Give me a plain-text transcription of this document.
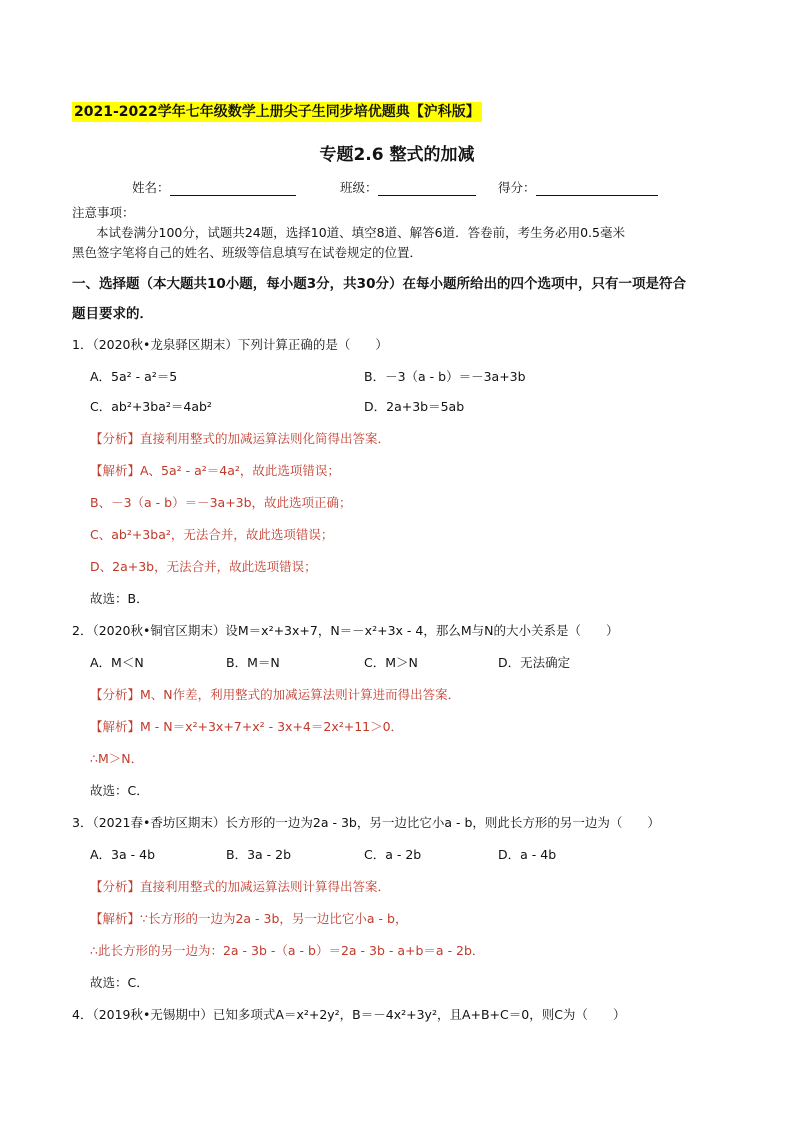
2021-2022学年七年级数学上册尖子生同步培优题典【沪科版】
专题2.6 整式的加减
姓名：	班级：	得分：
注意事项：
本试卷满分100分，试题共24题，选择10道、填空8道、解答6道．答卷前，考生务必用0.5毫米
黑色签字笔将自己的姓名、班级等信息填写在试卷规定的位置．
一、选择题（本大题共10小题，每小题3分，共30分）在每小题所给出的四个选项中，只有一项是符合
题目要求的．
1．（2020秋•龙泉驿区期末）下列计算正确的是（　　）
A．5a² - a²＝5	B．－3（a - b）＝－3a+3b
C．ab²+3ba²＝4ab²	D．2a+3b＝5ab
【分析】直接利用整式的加减运算法则化简得出答案．
【解析】A、5a² - a²＝4a²，故此选项错误；
B、－3（a - b）＝－3a+3b，故此选项正确；
C、ab²+3ba²，无法合并，故此选项错误；
D、2a+3b，无法合并，故此选项错误；
故选：B．
2．（2020秋•铜官区期末）设M＝x²+3x+7，N＝－x²+3x - 4，那么M与N的大小关系是（　　）
A．M＜N	B．M＝N	C．M＞N	D．无法确定
【分析】M、N作差，利用整式的加减运算法则计算进而得出答案．
【解析】M - N＝x²+3x+7+x² - 3x+4＝2x²+11＞0．
∴M＞N．
故选：C．
3．（2021春•香坊区期末）长方形的一边为2a - 3b，另一边比它小a - b，则此长方形的另一边为（　　）
A．3a - 4b	B．3a - 2b	C．a - 2b	D．a - 4b
【分析】直接利用整式的加减运算法则计算得出答案．
【解析】∵长方形的一边为2a - 3b，另一边比它小a - b，
∴此长方形的另一边为：2a - 3b -（a - b）＝2a - 3b - a+b＝a - 2b．
故选：C．
4．（2019秋•无锡期中）已知多项式A＝x²+2y²，B＝－4x²+3y²，且A+B+C＝0，则C为（　　）
